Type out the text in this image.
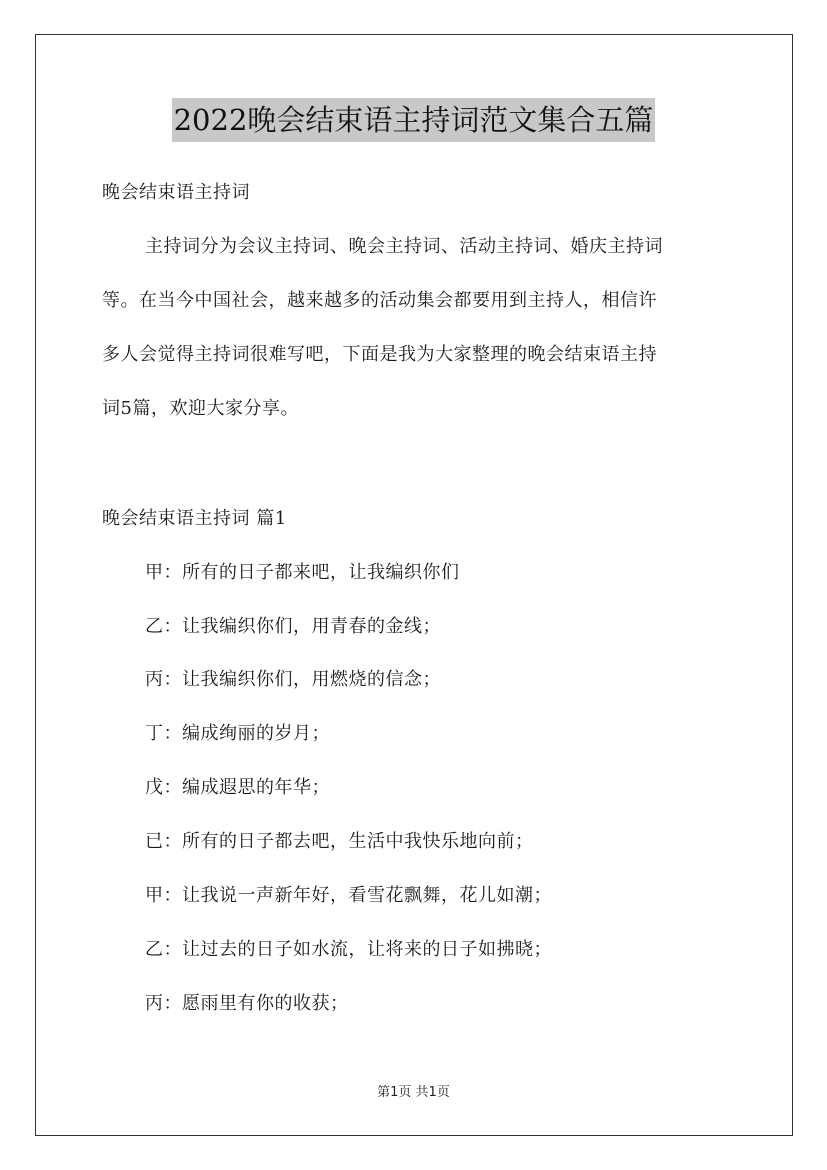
2022晚会结束语主持词范文集合五篇
晚会结束语主持词
主持词分为会议主持词、晚会主持词、活动主持词、婚庆主持词
等。在当今中国社会，越来越多的活动集会都要用到主持人，相信许
多人会觉得主持词很难写吧，下面是我为大家整理的晚会结束语主持
词5篇，欢迎大家分享。
晚会结束语主持词 篇1
甲：所有的日子都来吧，让我编织你们
乙：让我编织你们，用青春的金线；
丙：让我编织你们，用燃烧的信念；
丁：编成绚丽的岁月；
戊：编成遐思的年华；
已：所有的日子都去吧，生活中我快乐地向前；
甲：让我说一声新年好，看雪花飘舞，花儿如潮；
乙：让过去的日子如水流，让将来的日子如拂晓；
丙：愿雨里有你的收获；
第1页 共1页
